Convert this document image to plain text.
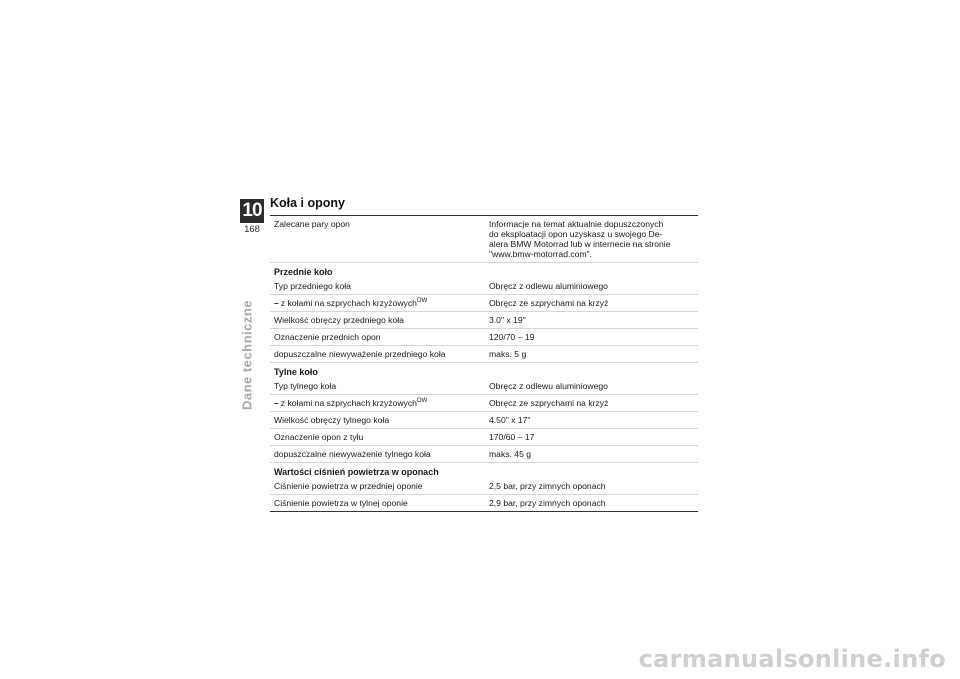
10
168
Dane techniczne
Koła i opony
Zalecane pary opon	Informacje na temat aktualnie dopuszczonych
do eksploatacji opon uzyskasz u swojego De-
alera BMW Motorrad lub w internecie na stronie
"www.bmw-motorrad.com".

Przednie koło	
Typ przedniego koła	Obręcz z odlewu aluminiowego
– z kołami na szprychach krzyżowych$^{OW}$	Obręcz ze szprychami na krzyż
Wielkość obręczy przedniego koła	3.0" x 19"
Oznaczenie przednich opon	120/70 – 19
dopuszczalne niewyważenie przedniego koła	maks. 5 g
Tylne koło	
Typ tylnego koła	Obręcz z odlewu aluminiowego
– z kołami na szprychach krzyżowych$^{OW}$	Obręcz ze szprychami na krzyż
Wielkość obręczy tylnego koła	4.50" x 17"
Oznaczenie opon z tyłu	170/60 – 17
dopuszczalne niewyważenie tylnego koła	maks. 45 g
Wartości ciśnień powietrza w oponach	
Ciśnienie powietrza w przedniej oponie	2,5 bar, przy zimnych oponach
Ciśnienie powietrza w tylnej oponie	2,9 bar, przy zimnych oponach
carmanualsonline.info
